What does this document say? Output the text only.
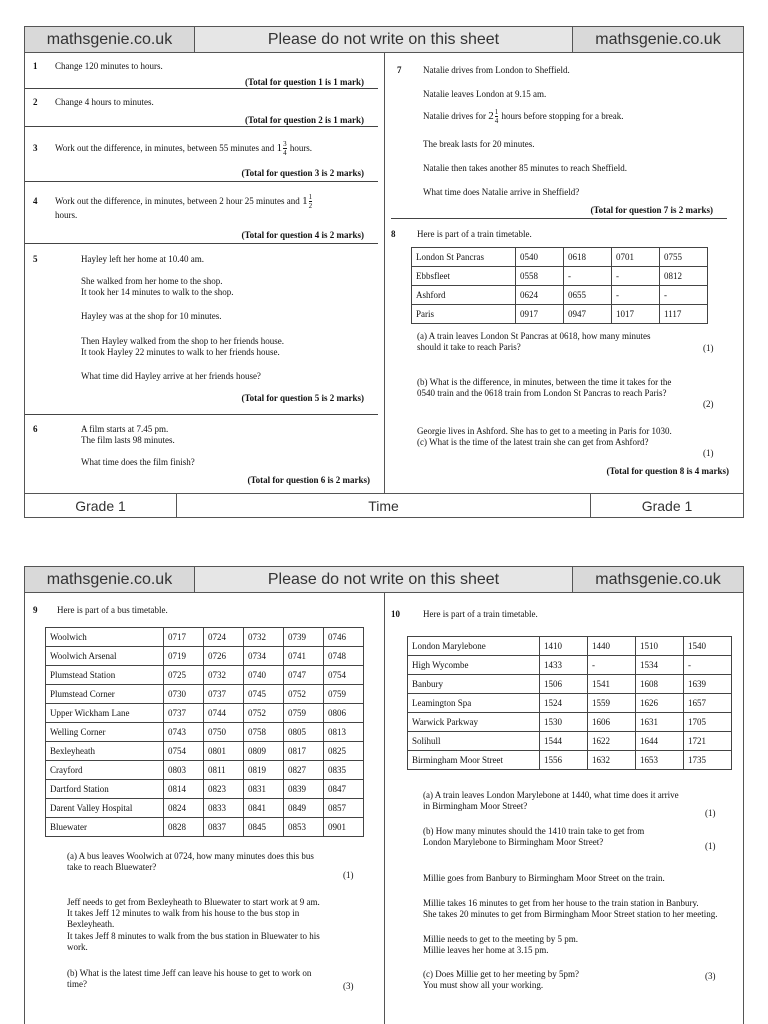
mathsgenie.co.uk	Please do not write on this sheet	mathsgenie.co.uk
1 Change 120 minutes to hours.
(Total for question 1 is 1 mark)
2 Change 4 hours to minutes.
(Total for question 2 is 1 mark)
3 Work out the difference, in minutes, between 55 minutes and $1 \frac{3}{4}$ hours.
(Total for question 3 is 2 marks)
4 Work out the difference, in minutes, between 2 hour 25 minutes and $1 \frac{1}{2}$
hours.
(Total for question 4 is 2 marks)
5	Hayley left her home at 10.40 am.
She walked from her home to the shop.
It took her 14 minutes to walk to the shop.
Hayley was at the shop for 10 minutes.
Then Hayley walked from the shop to her friends house.
It took Hayley 22 minutes to walk to her friends house.
What time did Hayley arrive at her friends house?
(Total for question 5 is 2 marks)
6	A film starts at 7.45 pm.
The film lasts 98 minutes.
What time does the film finish?
(Total for question 6 is 2 marks)
7 Natalie drives from London to Sheffield.
Natalie leaves London at 9.15 am.
Natalie drives for $2 \frac{1}{4}$ hours before stopping for a break.
The break lasts for 20 minutes.
Natalie then takes another 85 minutes to reach Sheffield.
What time does Natalie arrive in Sheffield?
(Total for question 7 is 2 marks)
8 Here is part of a train timetable.
London St Pancras	0540	0618	0701	0755
Ebbsfleet	0558	-	-	0812
Ashford	0624	0655	-	-
Paris	0917	0947	1017	1117
(a) A train leaves London St Pancras at 0618, how many minutes
should it take to reach Paris?	(1)
(b) What is the difference, in minutes, between the time it takes for the
0540 train and the 0618 train from London St Pancras to reach Paris?
(2)
Georgie lives in Ashford. She has to get to a meeting in Paris for 1030.
(c) What is the time of the latest train she can get from Ashford?
(1)
(Total for question 8 is 4 marks)
Grade 1	Time	Grade 1
mathsgenie.co.uk	Please do not write on this sheet	mathsgenie.co.uk
9 Here is part of a bus timetable.
Woolwich	0717	0724	0732	0739	0746
Woolwich Arsenal	0719	0726	0734	0741	0748
Plumstead Station	0725	0732	0740	0747	0754
Plumstead Corner	0730	0737	0745	0752	0759
Upper Wickham Lane	0737	0744	0752	0759	0806
Welling Corner	0743	0750	0758	0805	0813
Bexleyheath	0754	0801	0809	0817	0825
Crayford	0803	0811	0819	0827	0835
Dartford Station	0814	0823	0831	0839	0847
Darent Valley Hospital	0824	0833	0841	0849	0857
Bluewater	0828	0837	0845	0853	0901
(a) A bus leaves Woolwich at 0724, how many minutes does this bus
take to reach Bluewater?
(1)
Jeff needs to get from Bexleyheath to Bluewater to start work at 9 am.
It takes Jeff 12 minutes to walk from his house to the bus stop in
Bexleyheath.
It takes Jeff 8 minutes to walk from the bus station in Bluewater to his
work.
(b) What is the latest time Jeff can leave his house to get to work on
time?	(3)
10	Here is part of a train timetable.
London Marylebone	1410	1440	1510	1540
High Wycombe	1433	-	1534	-
Banbury	1506	1541	1608	1639
Leamington Spa	1524	1559	1626	1657
Warwick Parkway	1530	1606	1631	1705
Solihull	1544	1622	1644	1721
Birmingham Moor Street	1556	1632	1653	1735
(a) A train leaves London Marylebone at 1440, what time does it arrive
in Birmingham Moor Street?
(1)
(b) How many minutes should the 1410 train take to get from
London Marylebone to Birmingham Moor Street?	(1)
Millie goes from Banbury to Birmingham Moor Street on the train.
Millie takes 16 minutes to get from her house to the train station in Banbury.
She takes 20 minutes to get from Birmingham Moor Street station to her meeting.
Millie needs to get to the meeting by 5 pm.
Millie leaves her home at 3.15 pm.
(c) Does Millie get to her meeting by 5pm?
You must show all your working.
(3)
